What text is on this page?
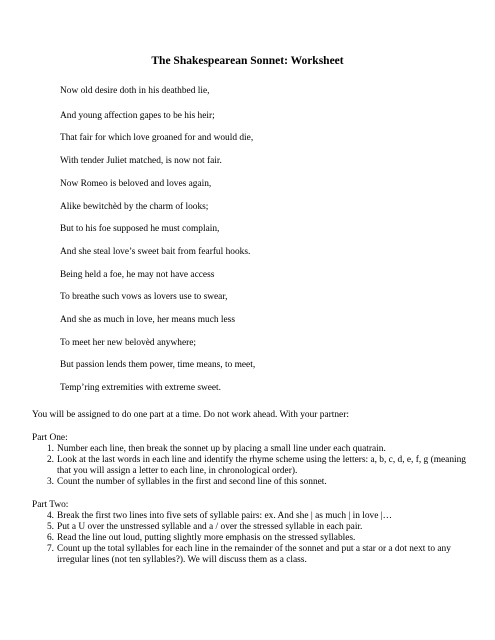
The Shakespearean Sonnet: Worksheet
Now old desire doth in his deathbed lie,
And young affection gapes to be his heir;
That fair for which love groaned for and would die,
With tender Juliet matched, is now not fair.
Now Romeo is beloved and loves again,
Alike bewitchèd by the charm of looks;
But to his foe supposed he must complain,
And she steal love’s sweet bait from fearful hooks.
Being held a foe, he may not have access
To breathe such vows as lovers use to swear,
And she as much in love, her means much less
To meet her new belovèd anywhere;
But passion lends them power, time means, to meet,
Temp’ring extremities with extreme sweet.
You will be assigned to do one part at a time. Do not work ahead. With your partner:
Part One:
1. Number each line, then break the sonnet up by placing a small line under each quatrain.
2. Look at the last words in each line and identify the rhyme scheme using the letters: a, b, c, d, e, f, g (meaning that you will assign a letter to each line, in chronological order).
3. Count the number of syllables in the first and second line of this sonnet.
Part Two:
4. Break the first two lines into five sets of syllable pairs: ex. And she | as much | in love |…
5. Put a U over the unstressed syllable and a / over the stressed syllable in each pair.
6. Read the line out loud, putting slightly more emphasis on the stressed syllables.
7. Count up the total syllables for each line in the remainder of the sonnet and put a star or a dot next to any irregular lines (not ten syllables?). We will discuss them as a class.
